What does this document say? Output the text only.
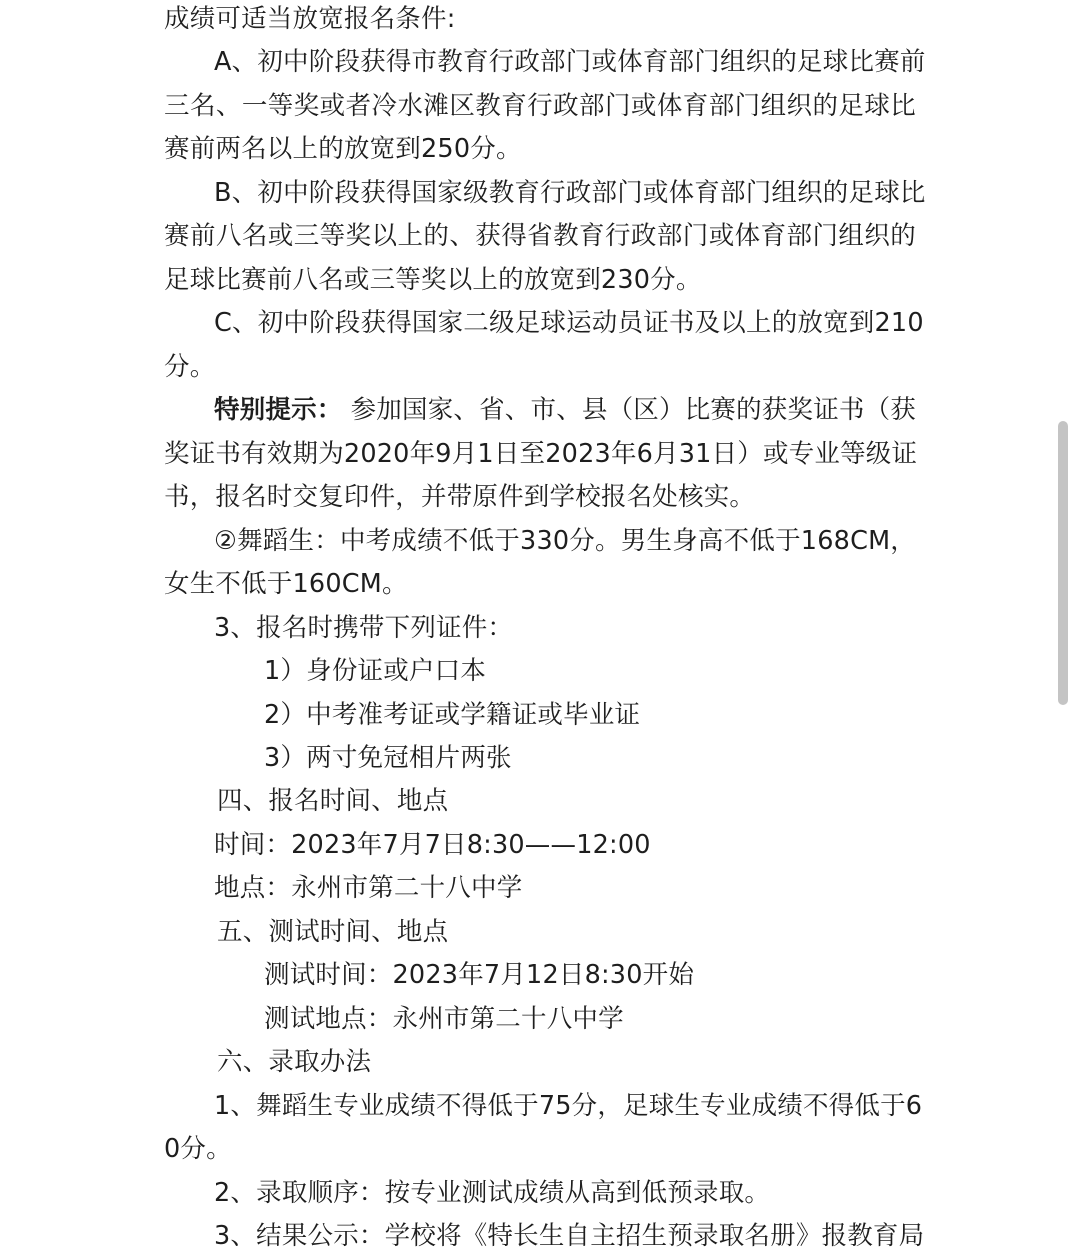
成绩可适当放宽报名条件:
A、初中阶段获得市教育行政部门或体育部门组织的足球比赛前
三名、一等奖或者冷水滩区教育行政部门或体育部门组织的足球比
赛前两名以上的放宽到250分。
B、初中阶段获得国家级教育行政部门或体育部门组织的足球比
赛前八名或三等奖以上的、获得省教育行政部门或体育部门组织的
足球比赛前八名或三等奖以上的放宽到230分。
C、初中阶段获得国家二级足球运动员证书及以上的放宽到210
分。
特别提示： 参加国家、省、市、县（区）比赛的获奖证书（获
奖证书有效期为2020年9月1日至2023年6月31日）或专业等级证
书，报名时交复印件，并带原件到学校报名处核实。
②舞蹈生：中考成绩不低于330分。男生身高不低于168CM，
女生不低于160CM。
3、报名时携带下列证件：
1）身份证或户口本
2）中考准考证或学籍证或毕业证
3）两寸免冠相片两张
四、报名时间、地点
时间：2023年7月7日8:30——12:00
地点：永州市第二十八中学
五、测试时间、地点
测试时间：2023年7月12日8:30开始
测试地点：永州市第二十八中学
六、录取办法
1、舞蹈生专业成绩不得低于75分，足球生专业成绩不得低于6
0分。
2、录取顺序：按专业测试成绩从高到低预录取。
3、结果公示：学校将《特长生自主招生预录取名册》报教育局
